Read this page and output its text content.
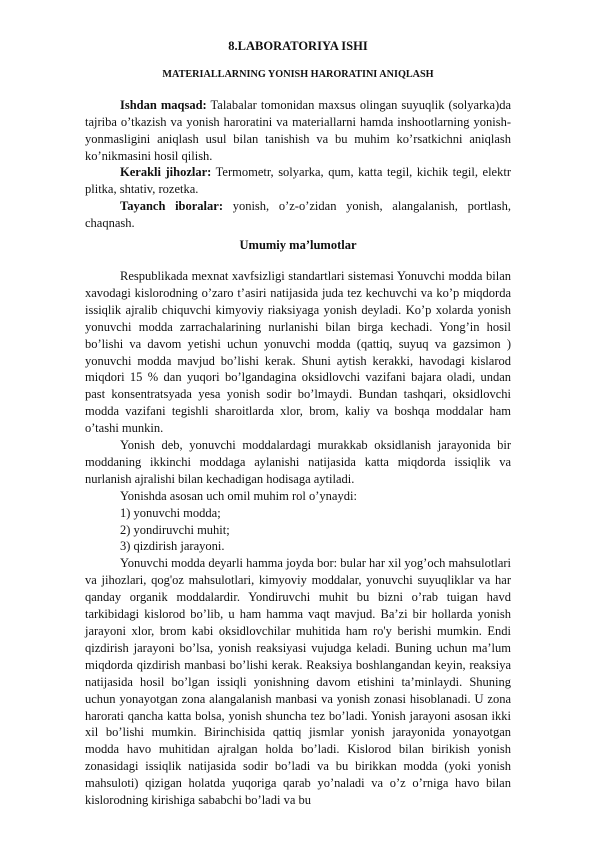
8.LABORATORIYA ISHI
MATERIALLARNING YONISH HARORATINI ANIQLASH

Ishdan maqsad: Talabalar tomonidan maxsus olingan suyuqlik (solyarka)da tajriba o’tkazish va yonish haroratini va materiallarni hamda inshootlarning yonish-yonmasligini aniqlash usul bilan tanishish va bu muhim ko’rsatkichni aniqlash ko’nikmasini hosil qilish.

Kerakli jihozlar: Termometr, solyarka, qum, katta tegil, kichik tegil, elektr plitka, shtativ, rozetka.

Tayanch iboralar: yonish, o’z-o’zidan yonish, alangalanish, portlash, chaqnash.

Umumiy ma’lumotlar

Respublikada mexnat xavfsizligi standartlari sistemasi Yonuvchi modda bilan xavodagi kislorodning o’zaro t’asiri natijasida juda tez kechuvchi va ko’p miqdorda issiqlik ajralib chiquvchi kimyoviy riaksiyaga yonish deyladi. Ko’p xolarda yonish yonuvchi modda zarrachalarining nurlanishi bilan birga kechadi. Yong’in hosil bo’lishi va davom yetishi uchun yonuvchi modda (qattiq, suyuq va gazsimon ) yonuvchi modda mavjud bo’lishi kerak. Shuni aytish kerakki, havodagi kislarod miqdori 15 % dan yuqori bo’lgandagina oksidlovchi vazifani bajara oladi, undan past konsentratsyada yesa yonish sodir bo’lmaydi. Bundan tashqari, oksidlovchi modda vazifani tegishli sharoitlarda xlor, brom, kaliy va boshqa moddalar ham o’tashi munkin.

Yonish deb, yonuvchi moddalardagi murakkab oksidlanish jarayonida bir moddaning ikkinchi moddaga aylanishi natijasida katta miqdorda issiqlik va nurlanish ajralishi bilan kechadigan hodisaga aytiladi.

Yonishda asosan uch omil muhim rol o’ynaydi:

1) yonuvchi modda;

2) yondiruvchi muhit;

3) qizdirish jarayoni.

Yonuvchi modda deyarli hamma joyda bor: bular har xil yog’och mahsulotlari va jihozlari, qog'oz mahsulotlari, kimyoviy moddalar, yonuvchi suyuqliklar va har qanday organik moddalardir. Yondiruvchi muhit bu bizni o’rab tuigan havd tarkibidagi kislorod bo’lib, u ham hamma vaqt mavjud. Ba’zi bir hollarda yonish jarayoni xlor, brom kabi oksidlovchilar muhitida ham ro'y berishi mumkin. Endi qizdirish jarayoni bo’lsa, yonish reaksiyasi vujudga keladi. Buning uchun ma’lum miqdorda qizdirish manbasi bo’lishi kerak. Reaksiya boshlangandan keyin, reaksiya natijasida hosil bo’lgan issiqli yonishning davom etishini ta’minlaydi. Shuning uchun yonayotgan zona alangalanish manbasi va yonish zonasi hisoblanadi. U zona harorati qancha katta bolsa, yonish shuncha tez bo’ladi. Yonish jarayoni asosan ikki xil bo’lishi mumkin. Birinchisida qattiq jismlar yonish jarayonida yonayotgan modda havo muhitidan ajralgan holda bo’ladi. Kislorod bilan birikish yonish zonasidagi issiqlik natijasida sodir bo’ladi va bu birikkan modda (yoki yonish mahsuloti) qizigan holatda yuqoriga qarab yo’naladi va o’z o’rniga havo bilan kislorodning kirishiga sababchi bo’ladi va bu
